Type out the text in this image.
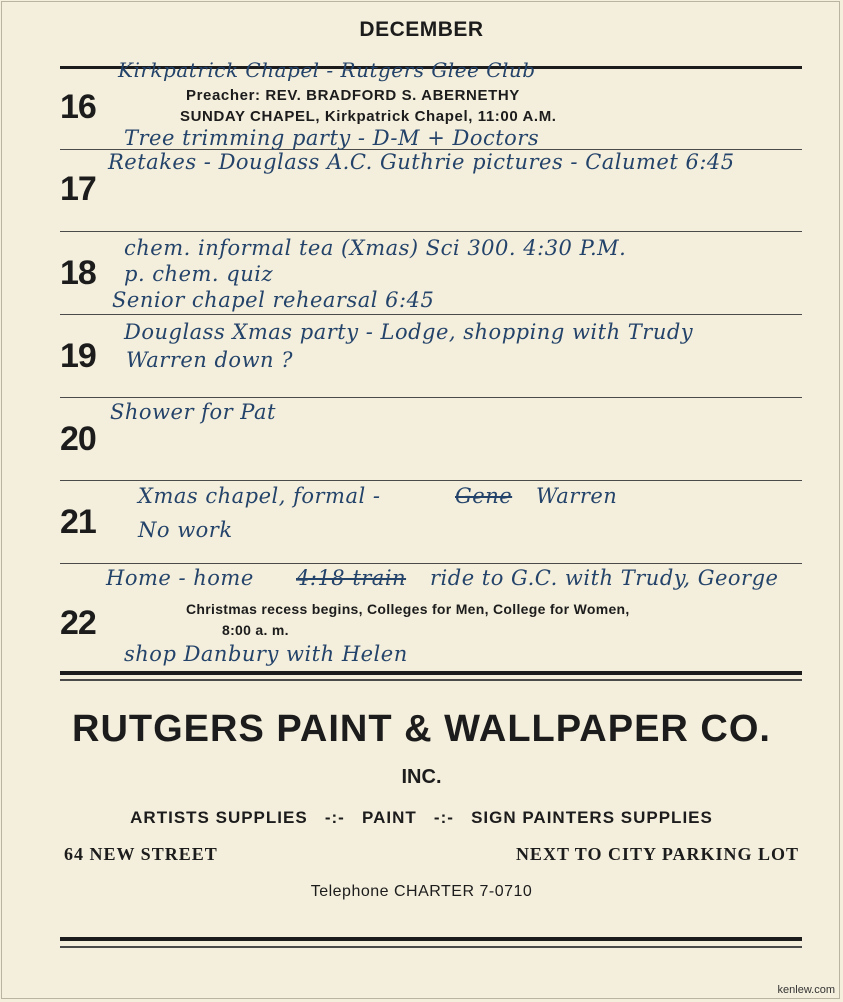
DECEMBER
16
Kirkpatrick Chapel - Rutgers Glee Club
Preacher: REV. BRADFORD S. ABERNETHY
SUNDAY CHAPEL, Kirkpatrick Chapel, 11:00 A.M.
Tree trimming party - D-M + Doctors
17
Retakes - Douglass A.C. Guthrie pictures - Calumet 6:45
18
chem. informal tea (Xmas) Sci 300. 4:30 P.M.
p. chem. quiz
Senior chapel rehearsal 6:45
19
Douglass Xmas party - Lodge, shopping with Trudy
Warren down ?
20
Shower for Pat
21
Xmas chapel, formal -	Gene Warren
No work
22
Home - home 4:18 train ride to G.C. with Trudy, George
Christmas recess begins, Colleges for Men, College for Women,
8:00 a. m.
shop Danbury with Helen
RUTGERS PAINT & WALLPAPER CO.
INC.
ARTISTS SUPPLIES   -:-   PAINT   -:-   SIGN PAINTERS SUPPLIES
64 NEW STREET	NEXT TO CITY PARKING LOT
Telephone CHARTER 7-0710
kenlew.com
